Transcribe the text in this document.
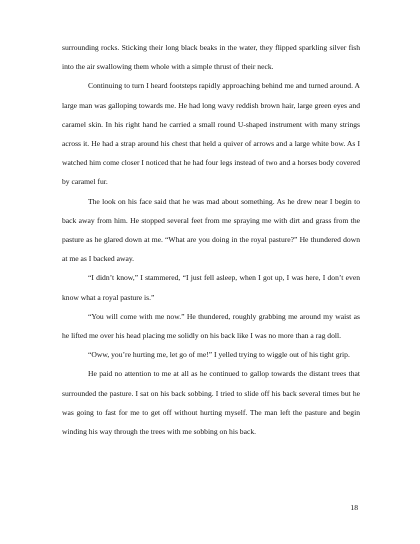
surrounding rocks. Sticking their long black beaks in the water, they flipped sparkling silver fish into the air swallowing them whole with a simple thrust of their neck.

Continuing to turn I heard footsteps rapidly approaching behind me and turned around. A large man was galloping towards me. He had long wavy reddish brown hair, large green eyes and caramel skin. In his right hand he carried a small round U-shaped instrument with many strings across it. He had a strap around his chest that held a quiver of arrows and a large white bow. As I watched him come closer I noticed that he had four legs instead of two and a horses body covered by caramel fur.

The look on his face said that he was mad about something. As he drew near I begin to back away from him. He stopped several feet from me spraying me with dirt and grass from the pasture as he glared down at me. “What are you doing in the royal pasture?” He thundered down at me as I backed away.

“I didn’t know,” I stammered, “I just fell asleep, when I got up, I was here, I don’t even know what a royal pasture is.”

“You will come with me now.” He thundered, roughly grabbing me around my waist as he lifted me over his head placing me solidly on his back like I was no more than a rag doll.

“Oww, you’re hurting me, let go of me!” I yelled trying to wiggle out of his tight grip.

He paid no attention to me at all as he continued to gallop towards the distant trees that surrounded the pasture. I sat on his back sobbing. I tried to slide off his back several times but he was going to fast for me to get off without hurting myself. The man left the pasture and begin winding his way through the trees with me sobbing on his back.

18
